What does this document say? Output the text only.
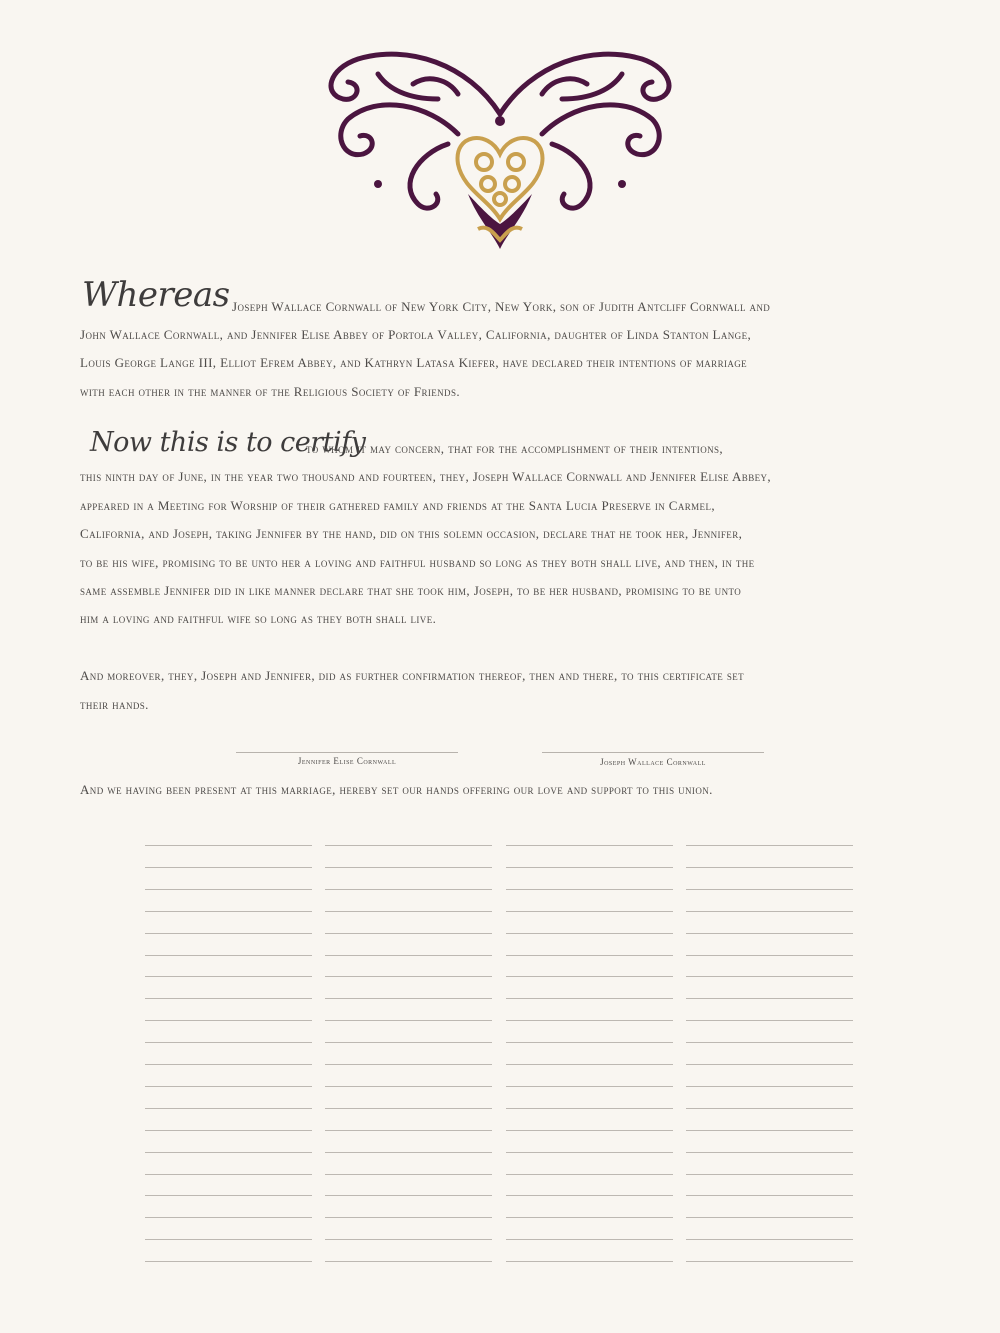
Whereas Joseph Wallace Cornwall of New York City, New York, son of Judith Antcliff Cornwall and
John Wallace Cornwall, and Jennifer Elise Abbey of Portola Valley, California, daughter of Linda Stanton Lange,
Louis George Lange III, Elliot Efrem Abbey, and Kathryn Latasa Kiefer, have declared their intentions of marriage
with each other in the manner of the Religious Society of Friends.
Now this is to certify
to whom it may concern, that for the accomplishment of their intentions,
this ninth day of June, in the year two thousand and fourteen, they, Joseph Wallace Cornwall and Jennifer Elise Abbey,
appeared in a Meeting for Worship of their gathered family and friends at the Santa Lucia Preserve in Carmel,
California, and Joseph, taking Jennifer by the hand, did on this solemn occasion, declare that he took her, Jennifer,
to be his wife, promising to be unto her a loving and faithful husband so long as they both shall live, and then, in the
same assemble Jennifer did in like manner declare that she took him, Joseph, to be her husband, promising to be unto
him a loving and faithful wife so long as they both shall live.
And moreover, they, Joseph and Jennifer, did as further confirmation thereof, then and there, to this certificate set
their hands.
Jennifer Elise Cornwall	Joseph Wallace Cornwall
And we having been present at this marriage, hereby set our hands offering our love and support to this union.
